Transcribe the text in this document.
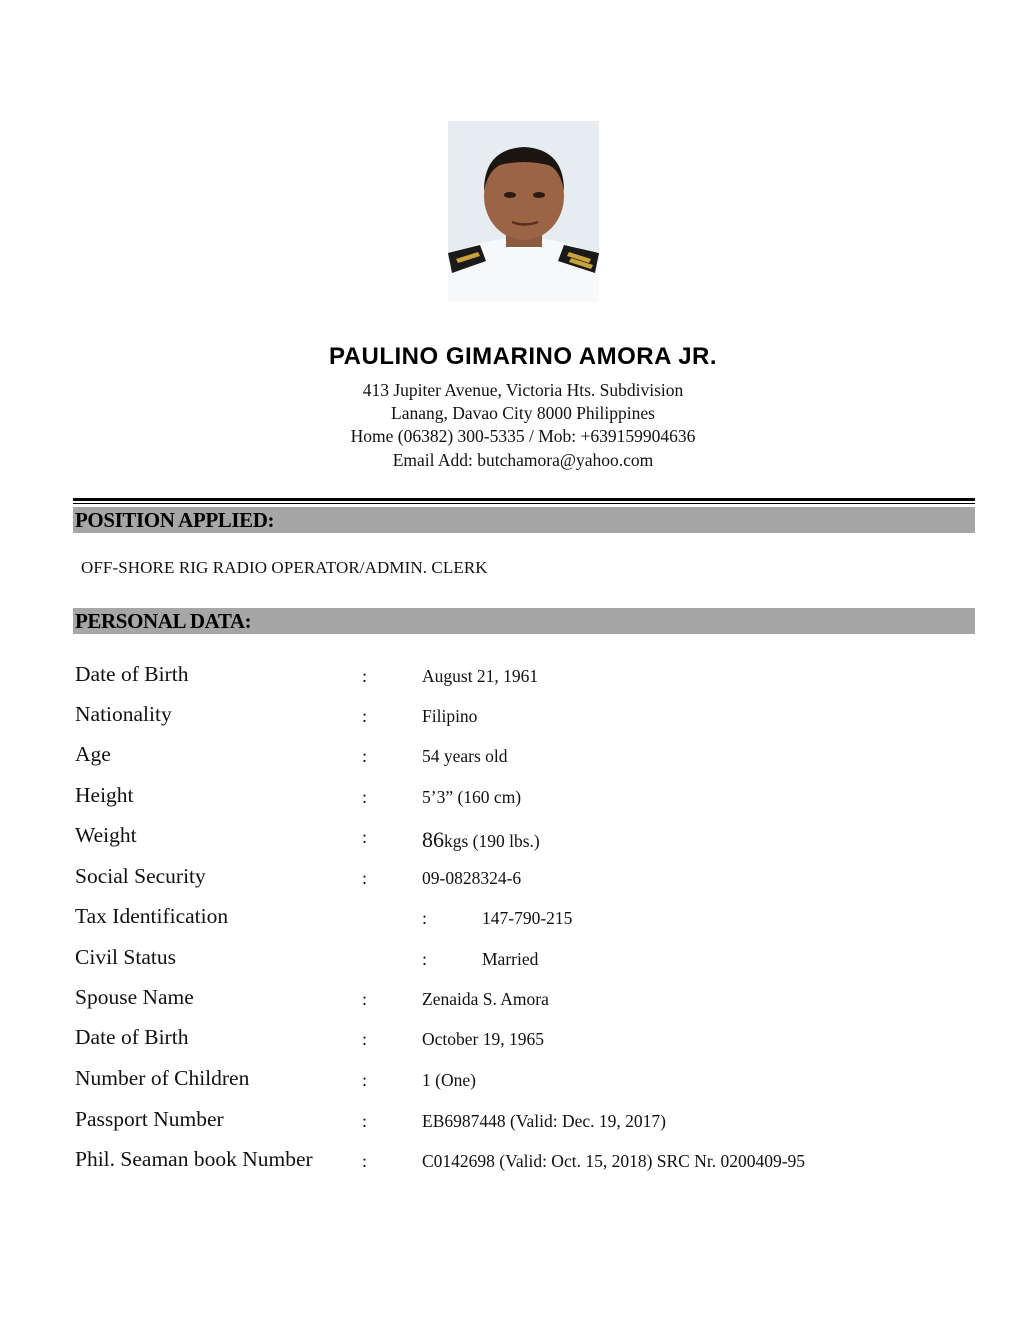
PAULINO GIMARINO AMORA JR.
413 Jupiter Avenue, Victoria Hts. Subdivision
Lanang, Davao City 8000 Philippines
Home (06382) 300-5335 / Mob: +639159904636
Email Add: butchamora@yahoo.com
POSITION APPLIED:
OFF-SHORE RIG RADIO OPERATOR/ADMIN. CLERK
PERSONAL DATA:
Date of Birth	:	August 21, 1961
Nationality	:	Filipino
Age	:	54 years old
Height	:	5’3” (160 cm)
Weight	: 86kgs (190 lbs.)
Social Security	:	09-0828324-6
Tax Identification	:	147-790-215
Civil Status	:	Married
Spouse Name	:	Zenaida S. Amora
Date of Birth	:	October 19, 1965
Number of Children	:	1 (One)
Passport Number	:	EB6987448 (Valid: Dec. 19, 2017)
Phil. Seaman book Number	:	C0142698 (Valid: Oct. 15, 2018) SRC Nr. 0200409-95
